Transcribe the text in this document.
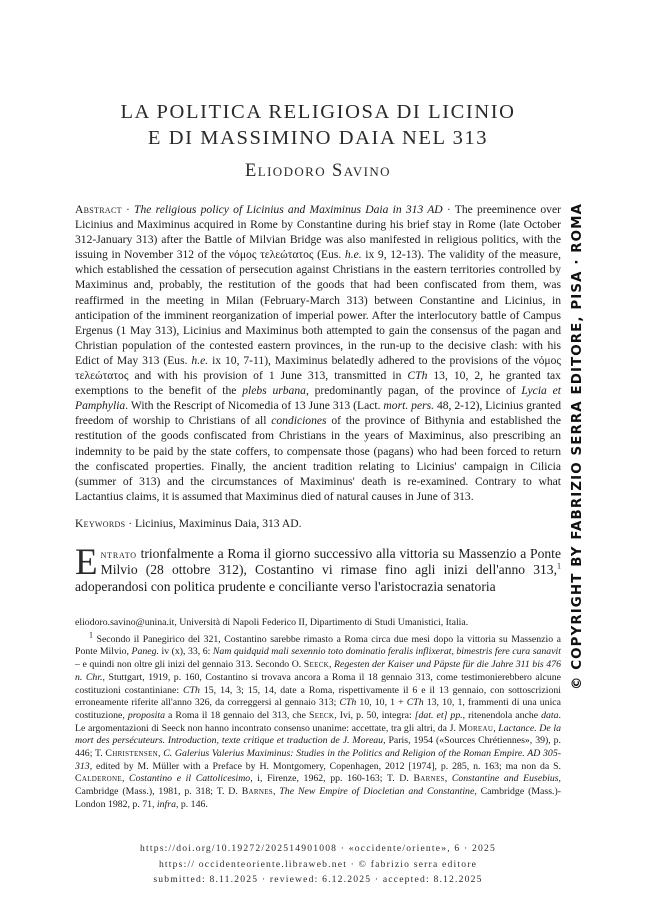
LA POLITICA RELIGIOSA DI LICINIO
E DI MASSIMINO DAIA NEL 313
Eliodoro Savino
Abstract · The religious policy of Licinius and Maximinus Daia in 313 AD · The preeminence over Licinius and Maximinus acquired in Rome by Constantine during his brief stay in Rome (late October 312-January 313) after the Battle of Milvian Bridge was also manifested in religious politics, with the issuing in November 312 of the νόμος τελεώτατος (Eus. h.e. ix 9, 12-13). The validity of the measure, which established the cessation of persecution against Christians in the eastern territories controlled by Maximinus and, probably, the restitution of the goods that had been confiscated from them, was reaffirmed in the meeting in Milan (February-March 313) between Constantine and Licinius, in anticipation of the imminent reorganization of imperial power. After the interlocutory battle of Campus Ergenus (1 May 313), Licinius and Maximinus both attempted to gain the consensus of the pagan and Christian population of the contested eastern provinces, in the run-up to the decisive clash: with his Edict of May 313 (Eus. h.e. ix 10, 7-11), Maximinus belatedly adhered to the provisions of the νόμος τελεώτατος and with his provision of 1 June 313, transmitted in CTh 13, 10, 2, he granted tax exemptions to the benefit of the plebs urbana, predominantly pagan, of the province of Lycia et Pamphylia. With the Rescript of Nicomedia of 13 June 313 (Lact. mort. pers. 48, 2-12), Licinius granted freedom of worship to Christians of all condiciones of the province of Bithynia and established the restitution of the goods confiscated from Christians in the years of Maximinus, also prescribing an indemnity to be paid by the state coffers, to compensate those (pagans) who had been forced to return the confiscated properties. Finally, the ancient tradition relating to Licinius' campaign in Cilicia (summer of 313) and the circumstances of Maximinus' death is re-examined. Contrary to what Lactantius claims, it is assumed that Maximinus died of natural causes in June of 313.
Keywords · Licinius, Maximinus Daia, 313 AD.
Entrato trionfalmente a Roma il giorno successivo alla vittoria su Massenzio a Ponte Milvio (28 ottobre 312), Costantino vi rimase fino agli inizi dell'anno 313,$^1$ adoperandosi con politica prudente e conciliante verso l'aristocrazia senatoria

eliodoro.savino@unina.it, Università di Napoli Federico II, Dipartimento di Studi Umanistici, Italia.

$^1$ Secondo il Panegirico del 321, Costantino sarebbe rimasto a Roma circa due mesi dopo la vittoria su Massenzio a Ponte Milvio, Paneg. iv (x), 33, 6: Nam quidquid mali sexennio toto dominatio feralis inflixerat, bimestris fere cura sanavit – e quindi non oltre gli inizi del gennaio 313. Secondo O. Seeck, Regesten der Kaiser und Päpste für die Jahre 311 bis 476 n. Chr., Stuttgart, 1919, p. 160, Costantino si trovava ancora a Roma il 18 gennaio 313, come testimonierebbero alcune costituzioni costantiniane: CTh 15, 14, 3; 15, 14, date a Roma, rispettivamente il 6 e il 13 gennaio, con sottoscrizioni erroneamente riferite all'anno 326, da correggersi al gennaio 313; CTh 10, 10, 1 + CTh 13, 10, 1, frammenti di una unica costituzione, proposita a Roma il 18 gennaio del 313, che Seeck, Ivi, p. 50, integra: [dat. et] pp., ritenendola anche data. Le argomentazioni di Seeck non hanno incontrato consenso unanime: accettate, tra gli altri, da J. Moreau, Lactance. De la mort des persécuteurs. Introduction, texte critique et traduction de J. Moreau, Paris, 1954 («Sources Chrétiennes», 39), p. 446; T. Christensen, C. Galerius Valerius Maximinus: Studies in the Politics and Religion of the Roman Empire. AD 305-313, edited by M. Müller with a Preface by H. Montgomery, Copenhagen, 2012 [1974], p. 285, n. 163; ma non da S. Calderone, Costantino e il Cattolicesimo, i, Firenze, 1962, pp. 160-163; T. D. Barnes, Constantine and Eusebius, Cambridge (Mass.), 1981, p. 318; T. D. Barnes, The New Empire of Diocletian and Constantine, Cambridge (Mass.)-London 1982, p. 71, infra, p. 146.

https://doi.org/10.19272/202514901008 · «occidente/oriente», 6 · 2025
https:// occidenteoriente.libraweb.net · © fabrizio serra editore
submitted: 8.11.2025 · reviewed: 6.12.2025 · accepted: 8.12.2025
© COPYRIGHT BY FABRIZIO SERRA EDITORE, PISA · ROMA
